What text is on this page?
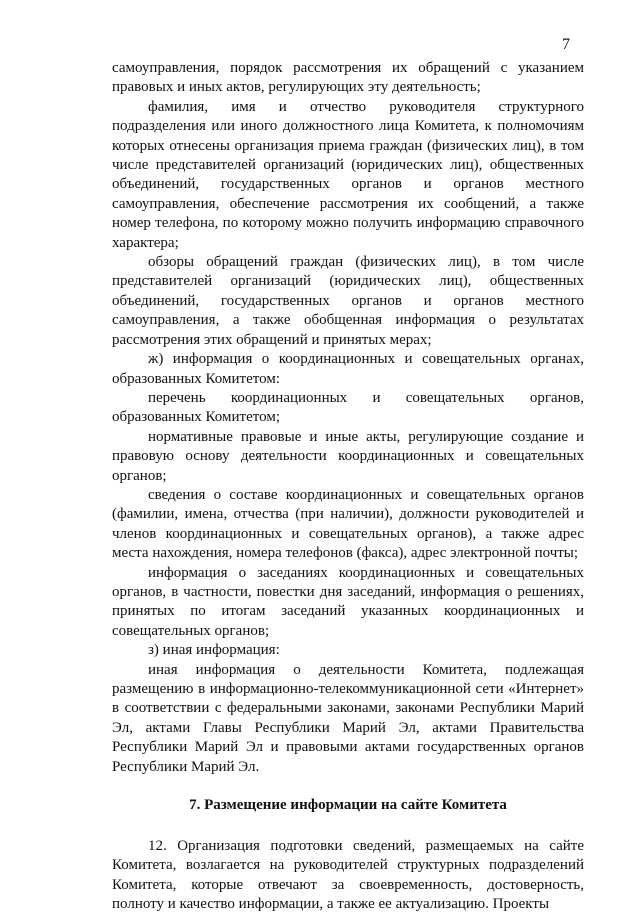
7

самоуправления, порядок рассмотрения их обращений с указанием правовых и иных актов, регулирующих эту деятельность;

фамилия, имя и отчество руководителя структурного подразделения или иного должностного лица Комитета, к полномочиям которых отнесены организация приема граждан (физических лиц), в том числе представителей организаций (юридических лиц), общественных объединений, государственных органов и органов местного самоуправления, обеспечение рассмотрения их сообщений, а также номер телефона, по которому можно получить информацию справочного характера;

обзоры обращений граждан (физических лиц), в том числе представителей организаций (юридических лиц), общественных объединений, государственных органов и органов местного самоуправления, а также обобщенная информация о результатах рассмотрения этих обращений и принятых мерах;

ж) информация о координационных и совещательных органах, образованных Комитетом:

перечень координационных и совещательных органов, образованных Комитетом;

нормативные правовые и иные акты, регулирующие создание и правовую основу деятельности координационных и совещательных органов;

сведения о составе координационных и совещательных органов (фамилии, имена, отчества (при наличии), должности руководителей и членов координационных и совещательных органов), а также адрес места нахождения, номера телефонов (факса), адрес электронной почты;

информация о заседаниях координационных и совещательных органов, в частности, повестки дня заседаний, информация о решениях, принятых по итогам заседаний указанных координационных и совещательных органов;

з) иная информация:

иная информация о деятельности Комитета, подлежащая размещению в информационно-телекоммуникационной сети «Интернет» в соответствии с федеральными законами, законами Республики Марий Эл, актами Главы Республики Марий Эл, актами Правительства Республики Марий Эл и правовыми актами государственных органов Республики Марий Эл.

7. Размещение информации на сайте Комитета

12. Организация подготовки сведений, размещаемых на сайте Комитета, возлагается на руководителей структурных подразделений Комитета, которые отвечают за своевременность, достоверность, полноту и качество информации, а также ее актуализацию. Проекты
